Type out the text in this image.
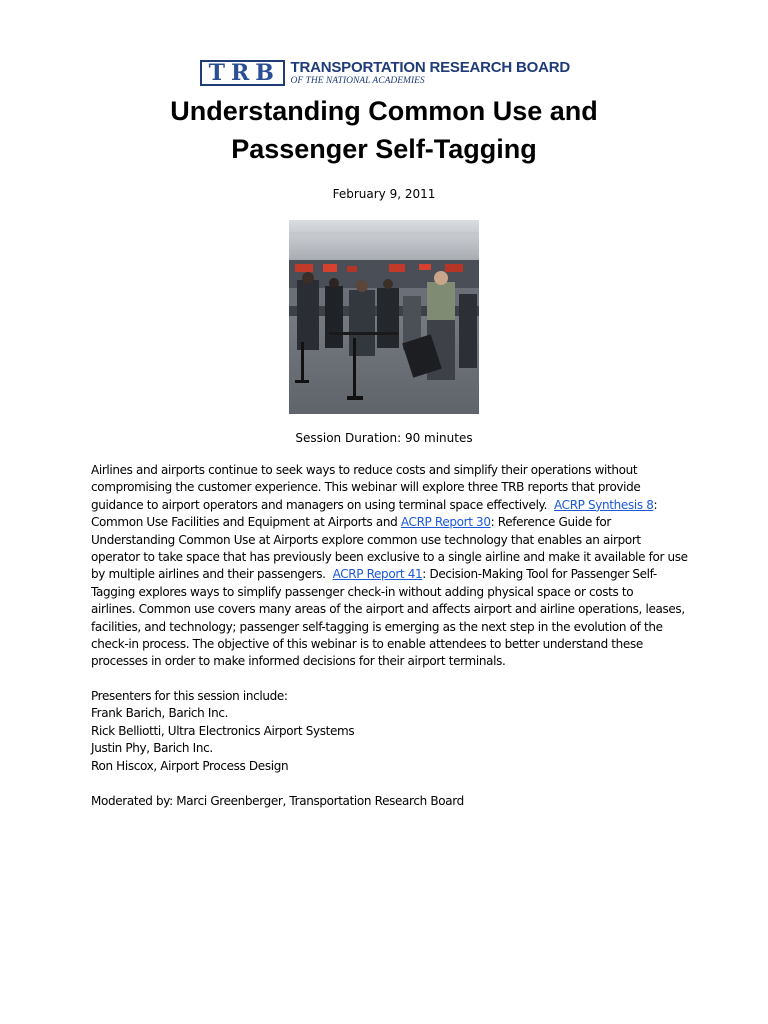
TRB TRANSPORTATION RESEARCH BOARD
OF THE NATIONAL ACADEMIES
Understanding Common Use and
Passenger Self-Tagging
February 9, 2011
Session Duration: 90 minutes
Airlines and airports continue to seek ways to reduce costs and simplify their operations without
compromising the customer experience. This webinar will explore three TRB reports that provide
guidance to airport operators and managers on using terminal space effectively. ACRP Synthesis 8:
Common Use Facilities and Equipment at Airports and ACRP Report 30: Reference Guide for
Understanding Common Use at Airports explore common use technology that enables an airport
operator to take space that has previously been exclusive to a single airline and make it available for use
by multiple airlines and their passengers. ACRP Report 41: Decision-Making Tool for Passenger Self-
Tagging explores ways to simplify passenger check-in without adding physical space or costs to
airlines. Common use covers many areas of the airport and affects airport and airline operations, leases,
facilities, and technology; passenger self-tagging is emerging as the next step in the evolution of the
check-in process. The objective of this webinar is to enable attendees to better understand these
processes in order to make informed decisions for their airport terminals.
Presenters for this session include:
Frank Barich, Barich Inc.
Rick Belliotti, Ultra Electronics Airport Systems
Justin Phy, Barich Inc.
Ron Hiscox, Airport Process Design
Moderated by: Marci Greenberger, Transportation Research Board
